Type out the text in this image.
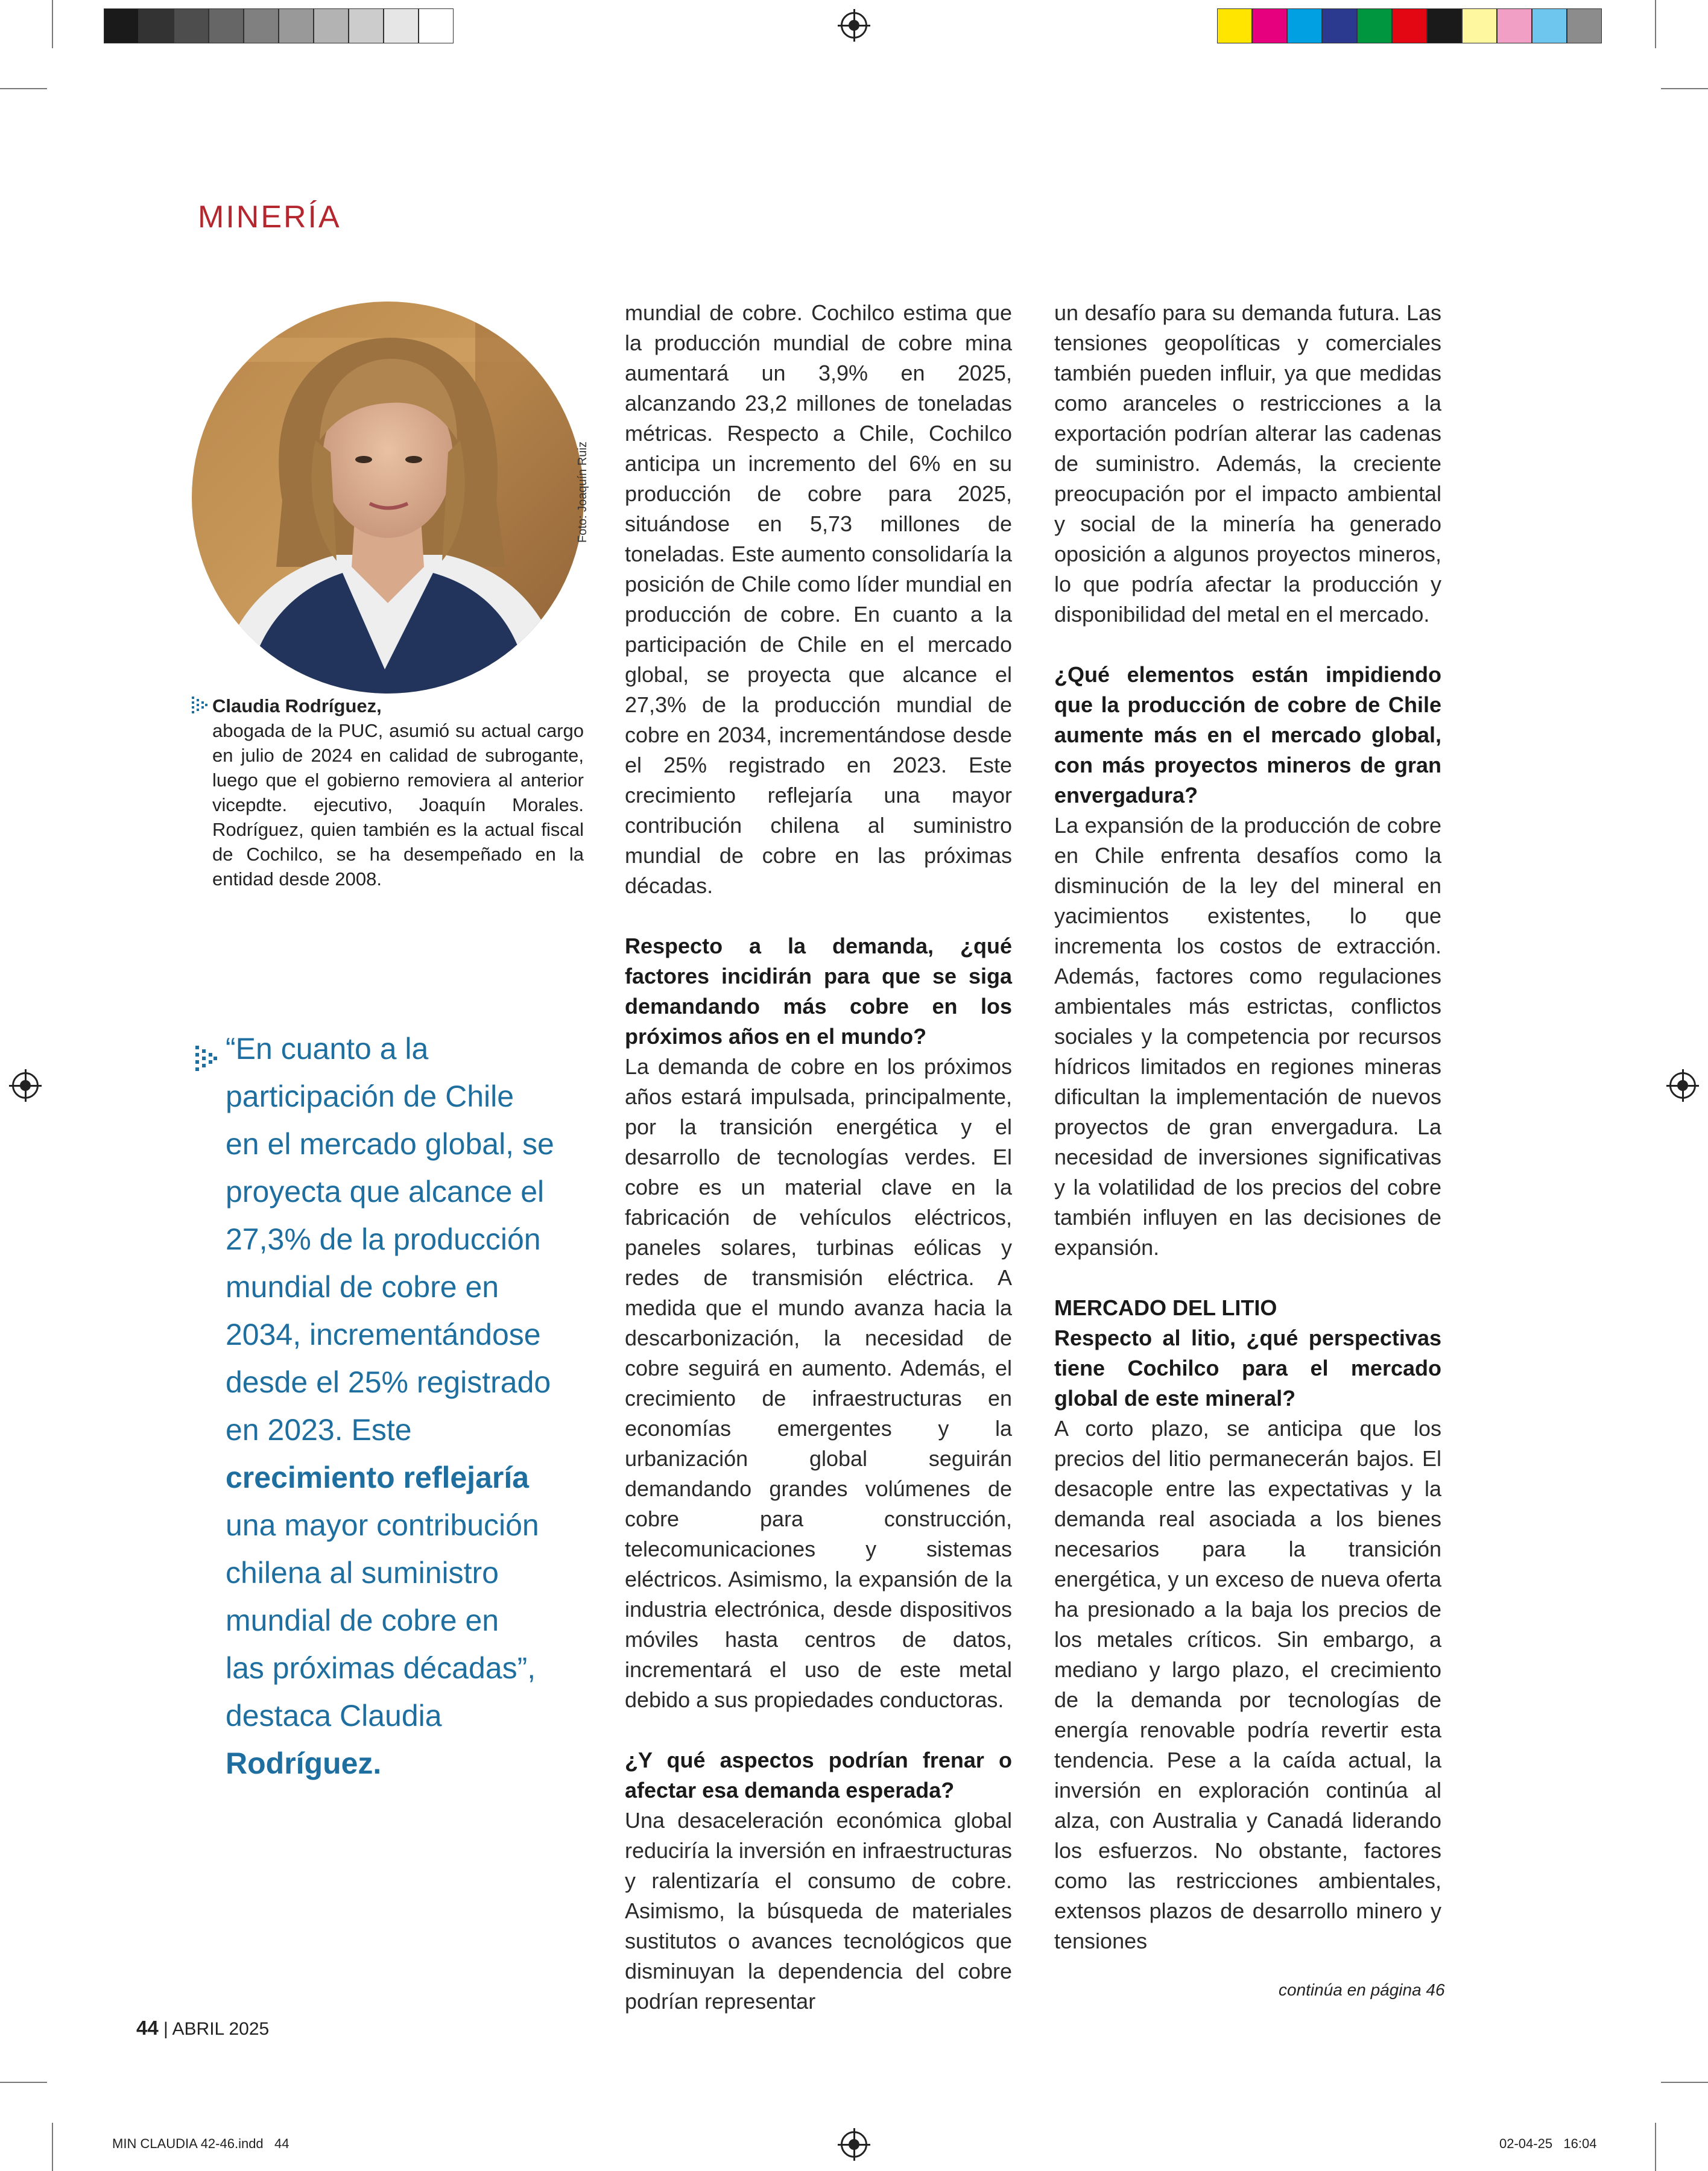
MINERÍA
Foto: Joaquín Ruiz
Claudia Rodríguez,
abogada de la PUC, asumió su actual cargo en julio de 2024 en calidad de subrogante, luego que el gobierno removiera al anterior vicepdte. ejecutivo, Joaquín Morales. Rodríguez, quien también es la actual fiscal de Cochilco, se ha desempeñado en la entidad desde 2008.
“En cuanto a la
participación de Chile
en el mercado global, se
proyecta que alcance el
27,3% de la producción
mundial de cobre en
2034, incrementándose
desde el 25% registrado
en 2023. Este
crecimiento reflejaría
una mayor contribución
chilena al suministro
mundial de cobre en
las próximas décadas”,
destaca Claudia
Rodríguez.

mundial de cobre. Cochilco estima que la producción mundial de cobre mina aumentará un 3,9% en 2025, alcanzando 23,2 millones de toneladas métricas. Respecto a Chile, Cochilco anticipa un incremento del 6% en su producción de cobre para 2025, situándose en 5,73 millones de toneladas. Este aumento consolidaría la posición de Chile como líder mundial en producción de cobre. En cuanto a la participación de Chile en el mercado global, se proyecta que alcance el 27,3% de la producción mundial de cobre en 2034, incrementándose desde el 25% registrado en 2023. Este crecimiento reflejaría una mayor contribución chilena al suministro mundial de cobre en las próximas décadas.

Respecto a la demanda, ¿qué factores incidirán para que se siga demandando más cobre en los próximos años en el mundo?

La demanda de cobre en los próximos años estará impulsada, principalmente, por la transición energética y el desarrollo de tecnologías verdes. El cobre es un material clave en la fabricación de vehículos eléctricos, paneles solares, turbinas eólicas y redes de transmisión eléctrica. A medida que el mundo avanza hacia la descarbonización, la necesidad de cobre seguirá en aumento. Además, el crecimiento de infraestructuras en economías emergentes y la urbanización global seguirán demandando grandes volúmenes de cobre para construcción, telecomunicaciones y sistemas eléctricos. Asimismo, la expansión de la industria electrónica, desde dispositivos móviles hasta centros de datos, incrementará el uso de este metal debido a sus propiedades conductoras.

¿Y qué aspectos podrían frenar o afectar esa demanda esperada?

Una desaceleración económica global reduciría la inversión en infraestructuras y ralentizaría el consumo de cobre. Asimismo, la búsqueda de materiales sustitutos o avances tecnológicos que disminuyan la dependencia del cobre podrían representar

un desafío para su demanda futura. Las tensiones geopolíticas y comerciales también pueden influir, ya que medidas como aranceles o restricciones a la exportación podrían alterar las cadenas de suministro. Además, la creciente preocupación por el impacto ambiental y social de la minería ha generado oposición a algunos proyectos mineros, lo que podría afectar la producción y disponibilidad del metal en el mercado.

¿Qué elementos están impidiendo que la producción de cobre de Chile aumente más en el mercado global, con más proyectos mineros de gran envergadura?

La expansión de la producción de cobre en Chile enfrenta desafíos como la disminución de la ley del mineral en yacimientos existentes, lo que incrementa los costos de extracción. Además, factores como regulaciones ambientales más estrictas, conflictos sociales y la competencia por recursos hídricos limitados en regiones mineras dificultan la implementación de nuevos proyectos de gran envergadura. La necesidad de inversiones significativas y la volatilidad de los precios del cobre también influyen en las decisiones de expansión.

MERCADO DEL LITIO

Respecto al litio, ¿qué perspectivas tiene Cochilco para el mercado global de este mineral?

A corto plazo, se anticipa que los precios del litio permanecerán bajos. El desacople entre las expectativas y la demanda real asociada a los bienes necesarios para la transición energética, y un exceso de nueva oferta ha presionado a la baja los precios de los metales críticos. Sin embargo, a mediano y largo plazo, el crecimiento de la demanda por tecnologías de energía renovable podría revertir esta tendencia. Pese a la caída actual, la inversión en exploración continúa al alza, con Australia y Canadá liderando los esfuerzos. No obstante, factores como las restricciones ambientales, extensos plazos de desarrollo minero y tensiones

continúa en página 46
44 | ABRIL 2025
MIN CLAUDIA 42-46.indd   44	02-04-25   16:04
